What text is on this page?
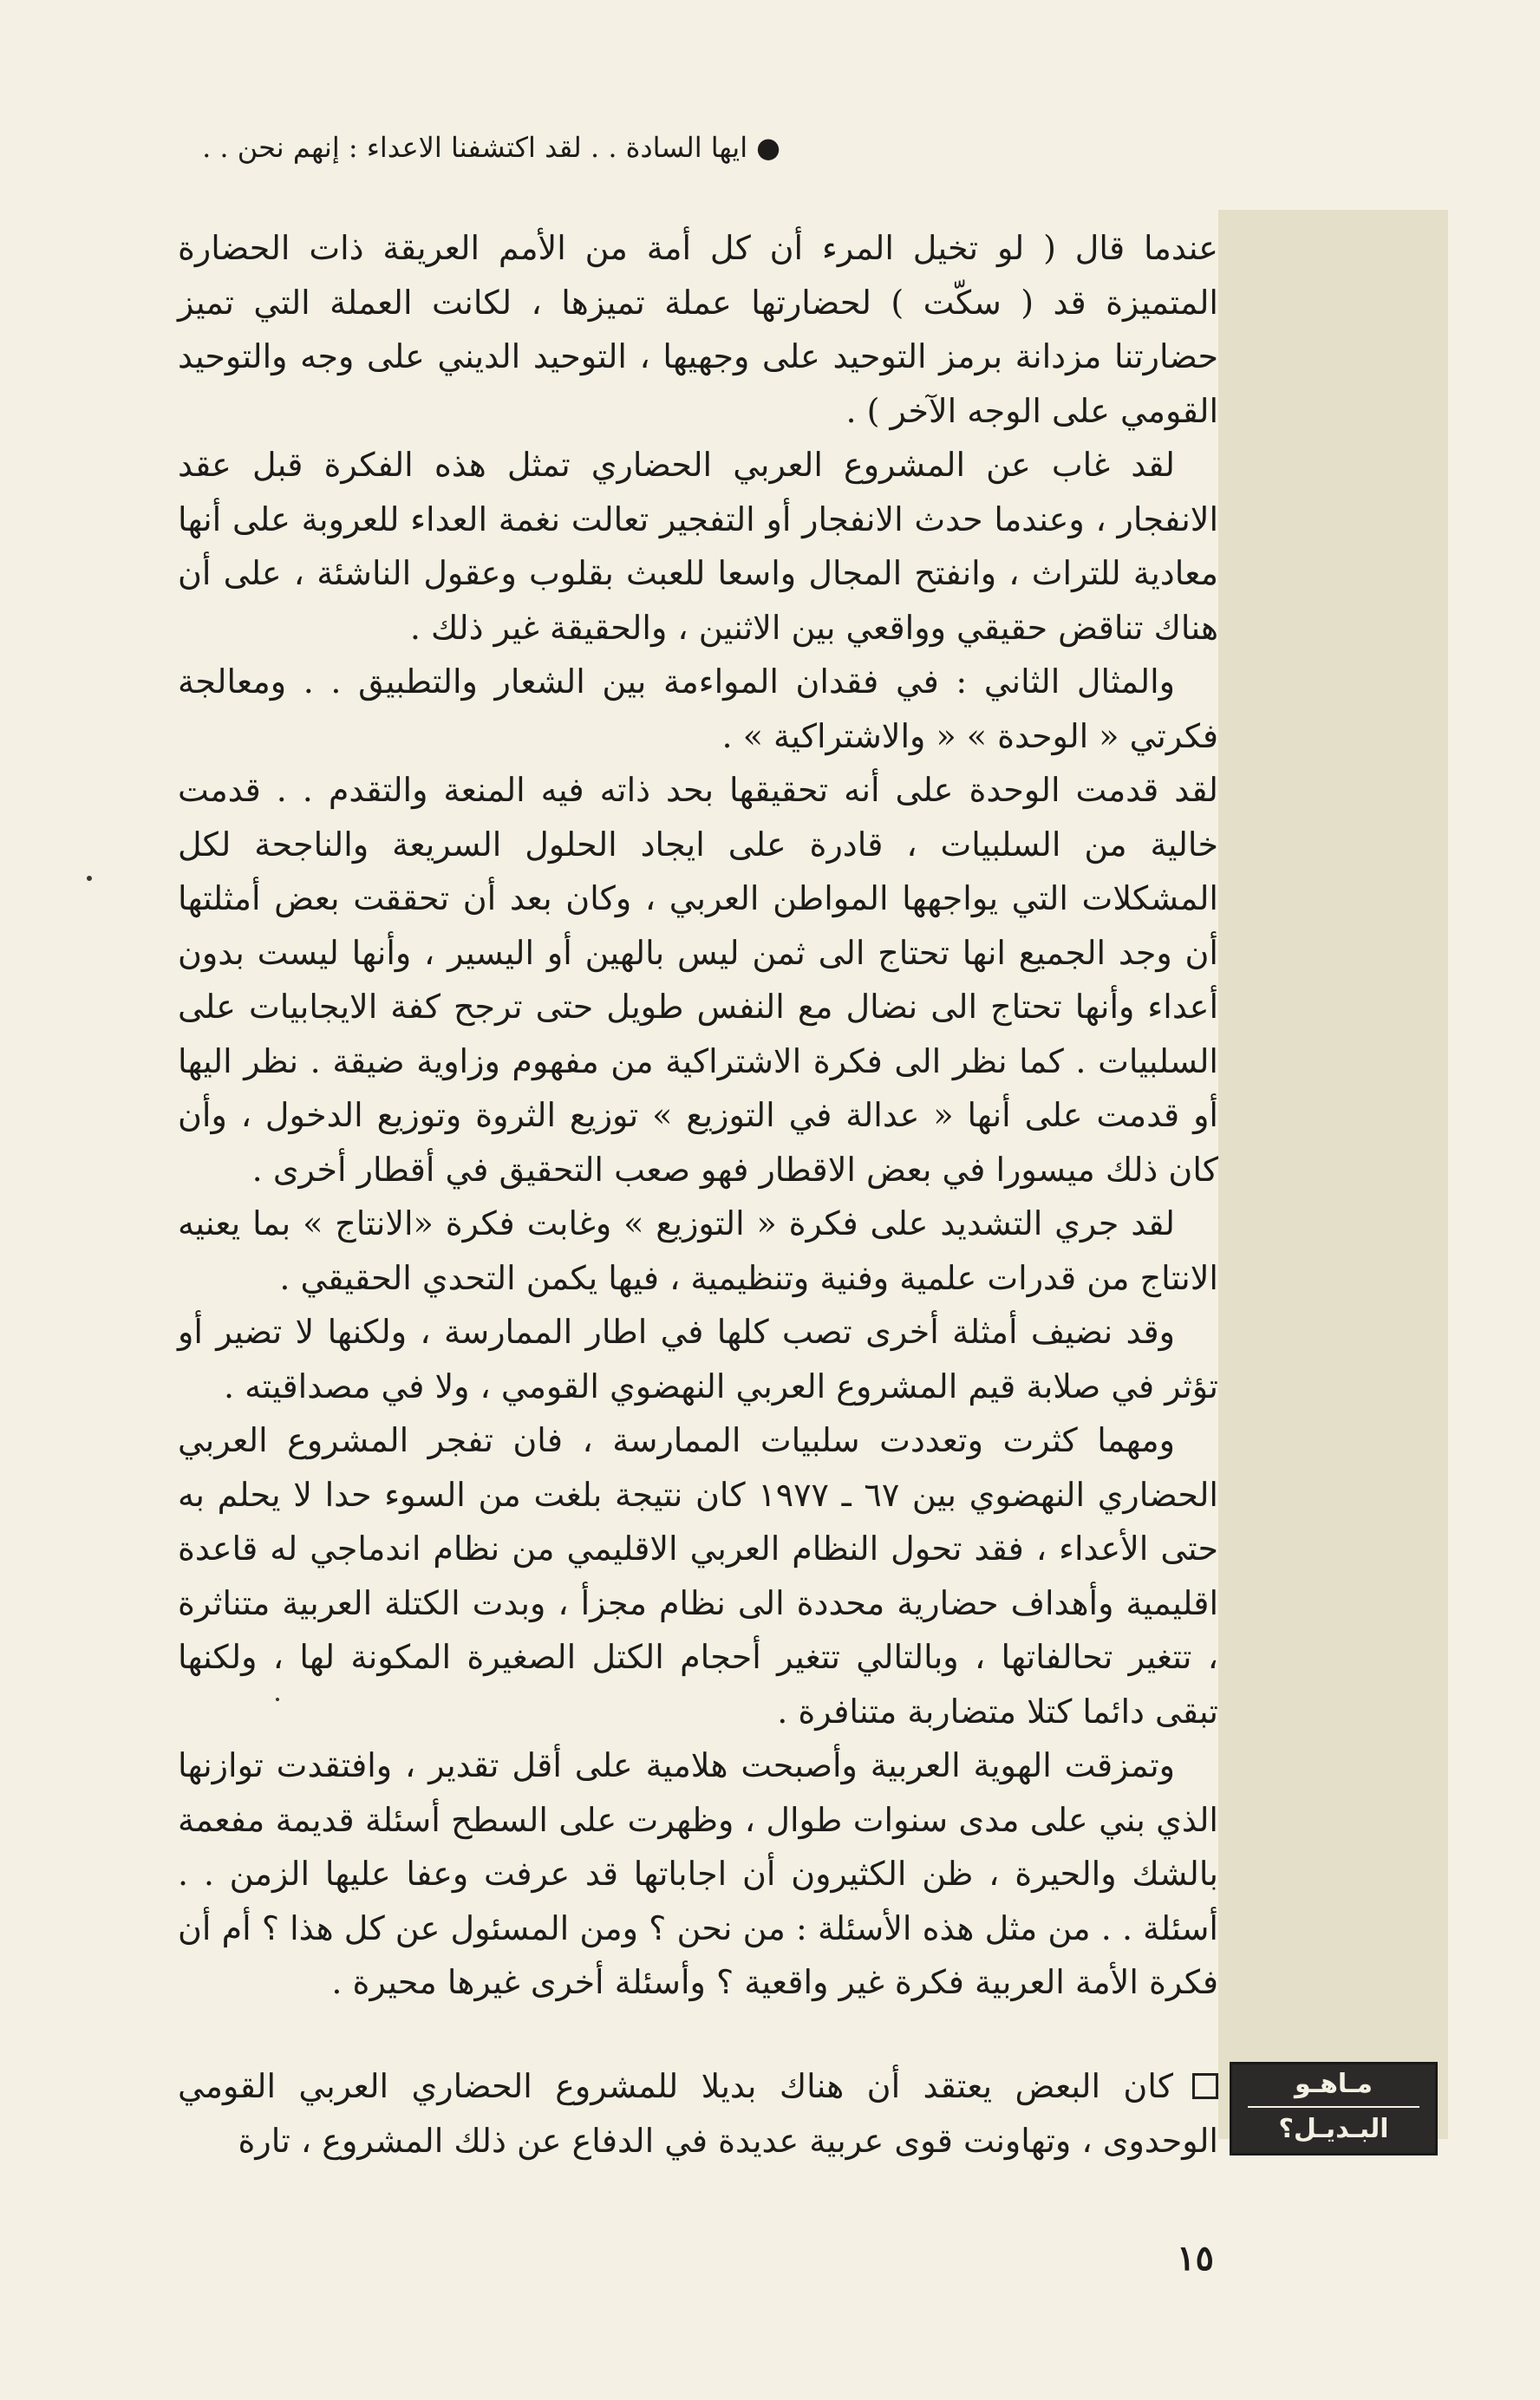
●ايها السادة . . لقد اكتشفنا الاعداء : إنهم نحن . .

عندما قال ( لو تخيل المرء أن كل أمة من الأمم العريقة ذات الحضارة المتميزة قد ( سكّت ) لحضارتها عملة تميزها ، لكانت العملة التي تميز حضارتنا مزدانة برمز التوحيد على وجهيها ، التوحيد الديني على وجه والتوحيد القومي على الوجه الآخر ) .

لقد غاب عن المشروع العربي الحضاري تمثل هذه الفكرة قبل عقد الانفجار ، وعندما حدث الانفجار أو التفجير تعالت نغمة العداء للعروبة على أنها معادية للتراث ، وانفتح المجال واسعا للعبث بقلوب وعقول الناشئة ، على أن هناك تناقض حقيقي وواقعي بين الاثنين ، والحقيقة غير ذلك .

والمثال الثاني : في فقدان المواءمة بين الشعار والتطبيق . . ومعالجة فكرتي « الوحدة » « والاشتراكية » .

لقد قدمت الوحدة على أنه تحقيقها بحد ذاته فيه المنعة والتقدم . . قدمت خالية من السلبيات ، قادرة على ايجاد الحلول السريعة والناجحة لكل المشكلات التي يواجهها المواطن العربي ، وكان بعد أن تحققت بعض أمثلتها أن وجد الجميع انها تحتاج الى ثمن ليس بالهين أو اليسير ، وأنها ليست بدون أعداء وأنها تحتاج الى نضال مع النفس طويل حتى ترجح كفة الايجابيات على السلبيات . كما نظر الى فكرة الاشتراكية من مفهوم وزاوية ضيقة . نظر اليها أو قدمت على أنها « عدالة في التوزيع » توزيع الثروة وتوزيع الدخول ، وأن كان ذلك ميسورا في بعض الاقطار فهو صعب التحقيق في أقطار أخرى .

لقد جري التشديد على فكرة « التوزيع » وغابت فكرة «الانتاج » بما يعنيه الانتاج من قدرات علمية وفنية وتنظيمية ، فيها يكمن التحدي الحقيقي .

وقد نضيف أمثلة أخرى تصب كلها في اطار الممارسة ، ولكنها لا تضير أو تؤثر في صلابة قيم المشروع العربي النهضوي القومي ، ولا في مصداقيته .

ومهما كثرت وتعددت سلبيات الممارسة ، فان تفجر المشروع العربي الحضاري النهضوي بين ٦٧ ـ ١٩٧٧ كان نتيجة بلغت من السوء حدا لا يحلم به حتى الأعداء ، فقد تحول النظام العربي الاقليمي من نظام اندماجي له قاعدة اقليمية وأهداف حضارية محددة الى نظام مجزأ ، وبدت الكتلة العربية متناثرة ، تتغير تحالفاتها ، وبالتالي تتغير أحجام الكتل الصغيرة المكونة لها ، ولكنها تبقى دائما كتلا متضاربة متنافرة .

وتمزقت الهوية العربية وأصبحت هلامية على أقل تقدير ، وافتقدت توازنها الذي بني على مدى سنوات طوال ، وظهرت على السطح أسئلة قديمة مفعمة بالشك والحيرة ، ظن الكثيرون أن اجاباتها قد عرفت وعفا عليها الزمن . . أسئلة . . من مثل هذه الأسئلة : من نحن ؟ ومن المسئول عن كل هذا ؟ أم أن فكرة الأمة العربية فكرة غير واقعية ؟ وأسئلة أخرى غيرها محيرة .

مـاهـو
البـديـل؟
كان البعض يعتقد أن هناك بديلا للمشروع الحضاري العربي القومي الوحدوى ، وتهاونت قوى عربية عديدة في الدفاع عن ذلك المشروع ، تارة
١٥
